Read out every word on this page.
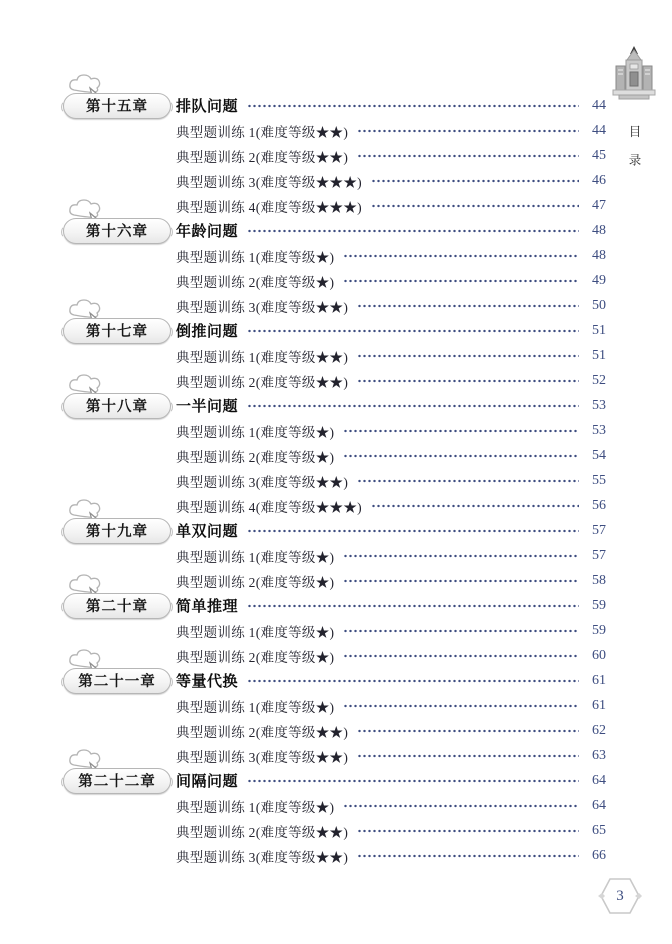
目录
第十五章 排队问题	44
典型题训练 1(难度等级★★)	44
典型题训练 2(难度等级★★)	45
典型题训练 3(难度等级★★★)	46
典型题训练 4(难度等级★★★)	47
第十六章 年龄问题	48
典型题训练 1(难度等级★)	48
典型题训练 2(难度等级★)	49
典型题训练 3(难度等级★★)	50
第十七章 倒推问题	51
典型题训练 1(难度等级★★)	51
典型题训练 2(难度等级★★)	52
第十八章 一半问题	53
典型题训练 1(难度等级★)	53
典型题训练 2(难度等级★)	54
典型题训练 3(难度等级★★)	55
典型题训练 4(难度等级★★★)	56
第十九章 单双问题	57
典型题训练 1(难度等级★)	57
典型题训练 2(难度等级★)	58
第二十章 简单推理	59
典型题训练 1(难度等级★)	59
典型题训练 2(难度等级★)	60
第二十一章 等量代换	61
典型题训练 1(难度等级★)	61
典型题训练 2(难度等级★★)	62
典型题训练 3(难度等级★★)	63
第二十二章 间隔问题	64
典型题训练 1(难度等级★)	64
典型题训练 2(难度等级★★)	65
典型题训练 3(难度等级★★)	66
3
